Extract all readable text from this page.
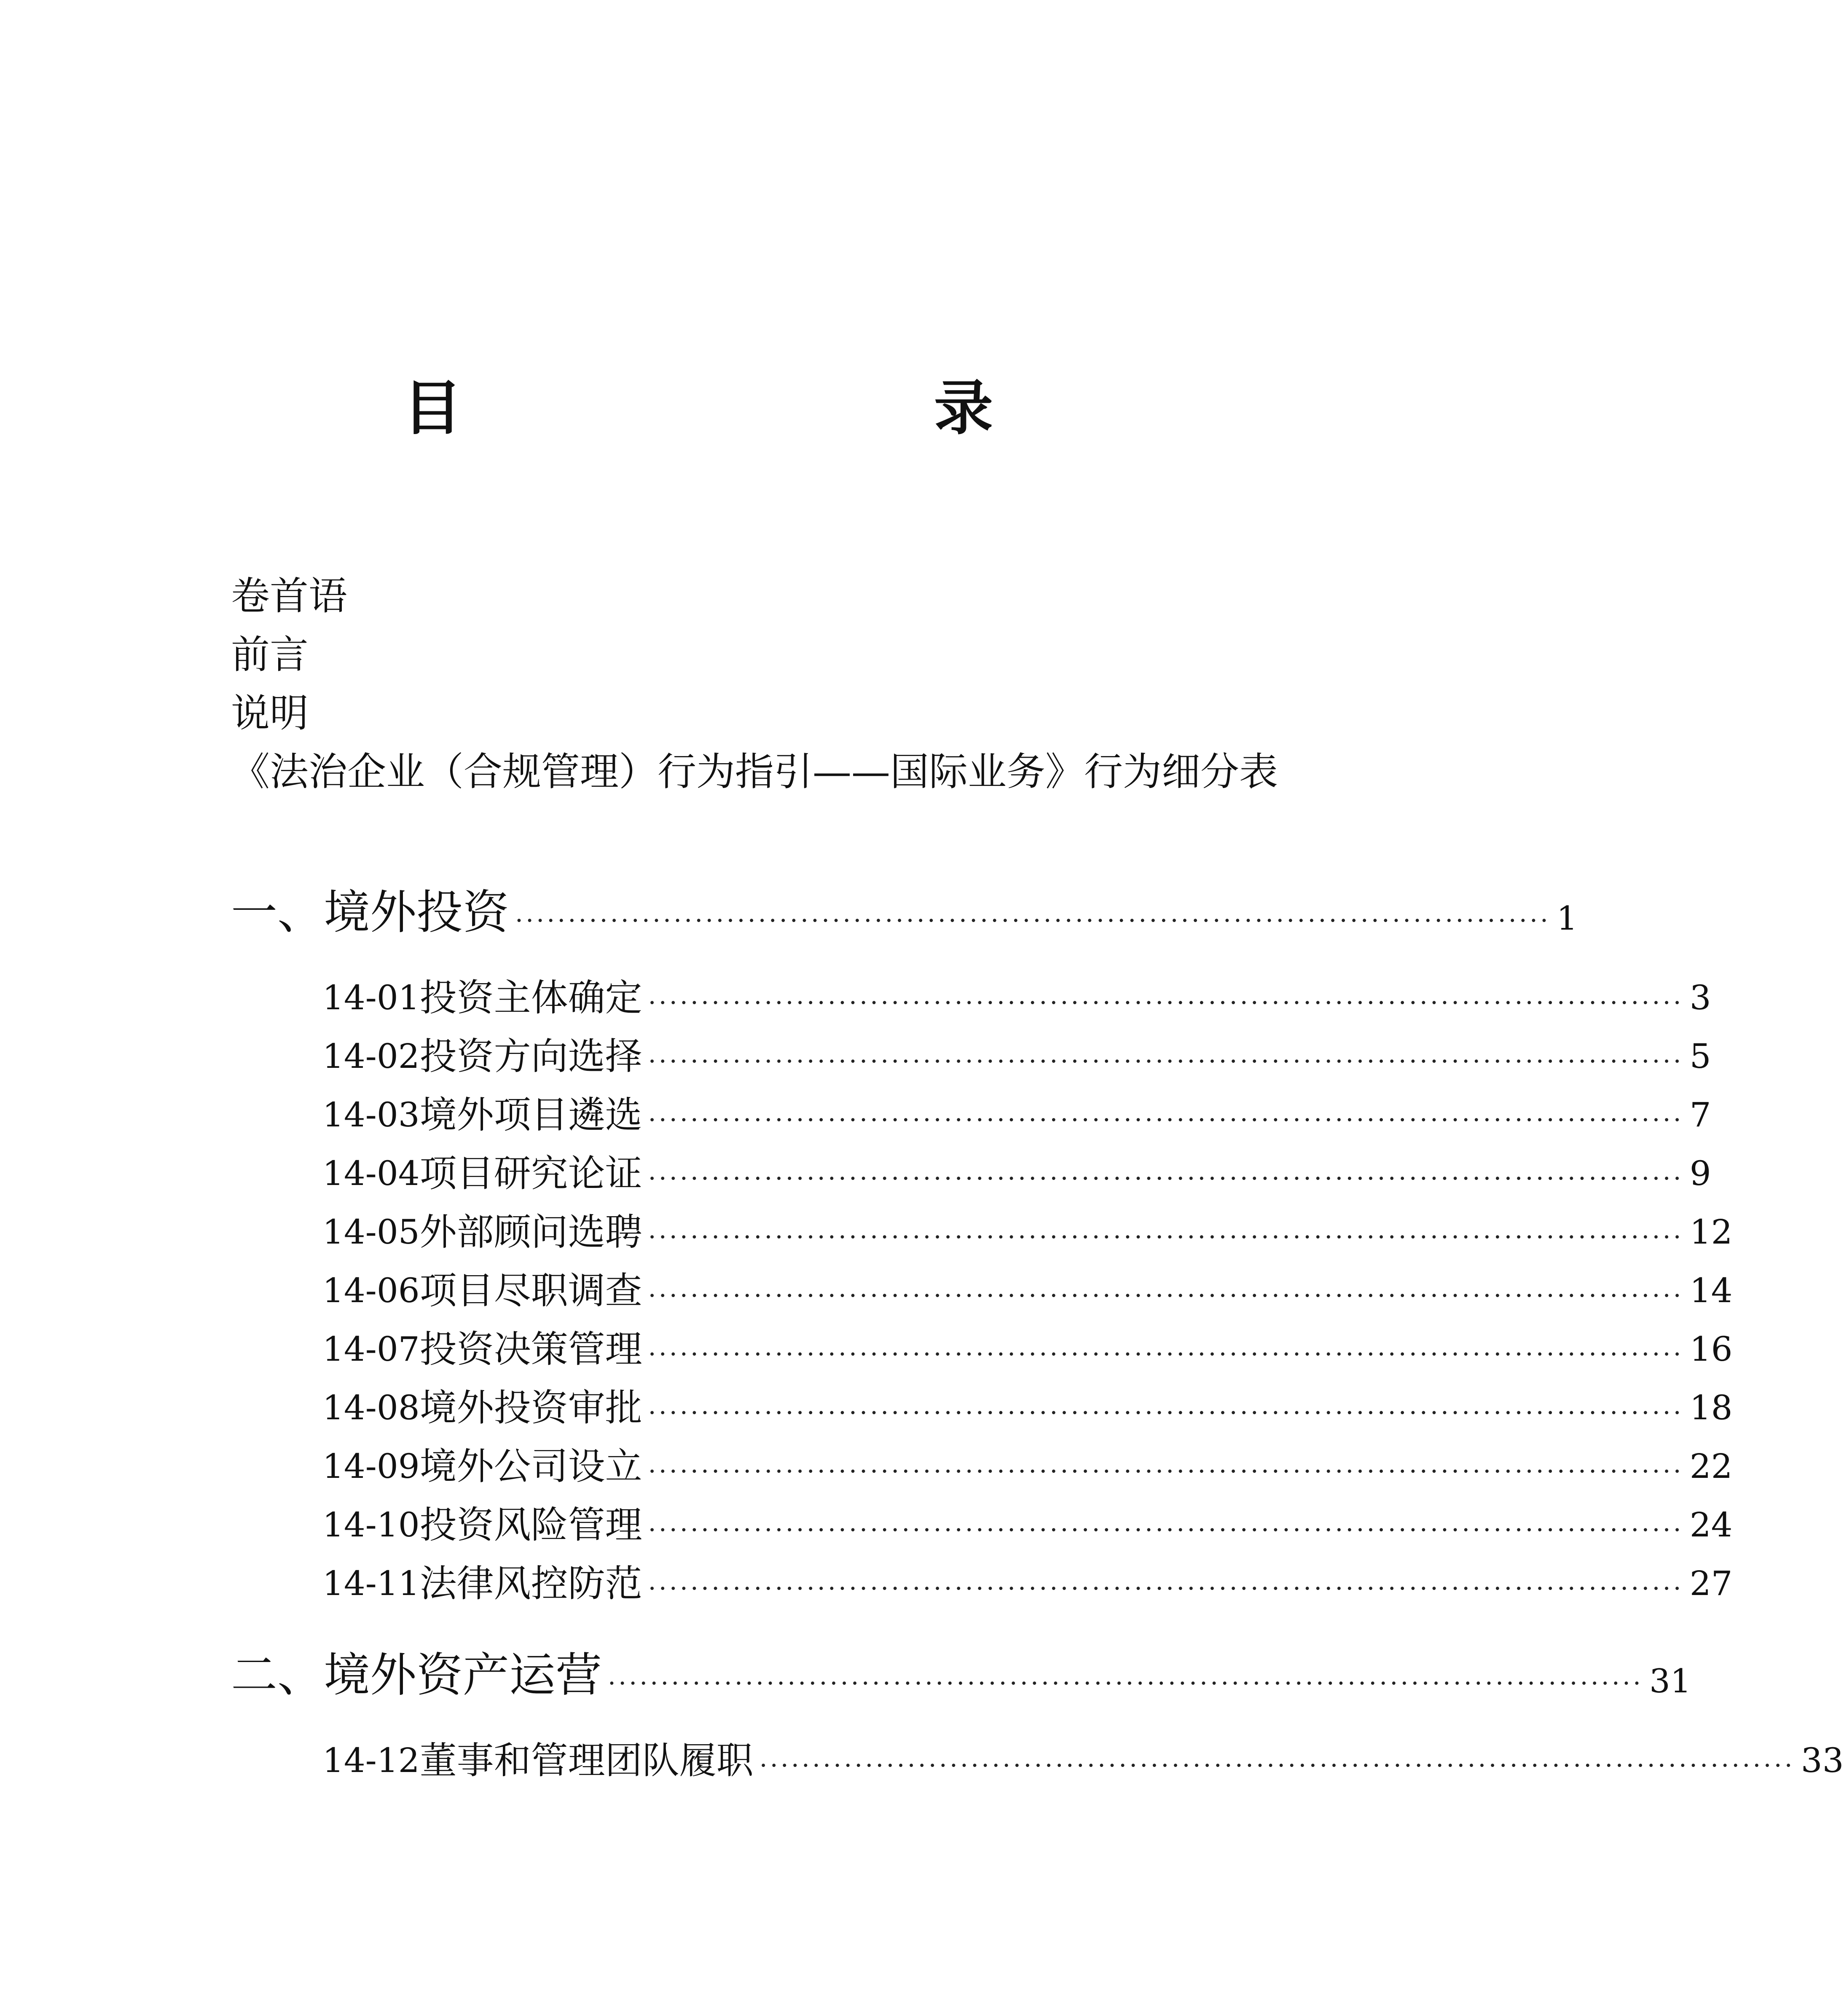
目　　录
卷首语
前言
说明
《法治企业（合规管理）行为指引——国际业务》行为细分表
一、境外投资 ·································································································· 1
14-01 投资主体确定 ·································································································· 3
14-02 投资方向选择 ·································································································· 5
14-03 境外项目遴选 ·································································································· 7
14-04 项目研究论证 ·································································································· 9
14-05 外部顾问选聘 ·································································································· 12
14-06 项目尽职调查 ·································································································· 14
14-07 投资决策管理 ·································································································· 16
14-08 境外投资审批 ·································································································· 18
14-09 境外公司设立 ·································································································· 22
14-10 投资风险管理 ·································································································· 24
14-11 法律风控防范 ·································································································· 27
二、境外资产运营 ·································································································· 31
14-12 董事和管理团队履职 ·································································································· 33
